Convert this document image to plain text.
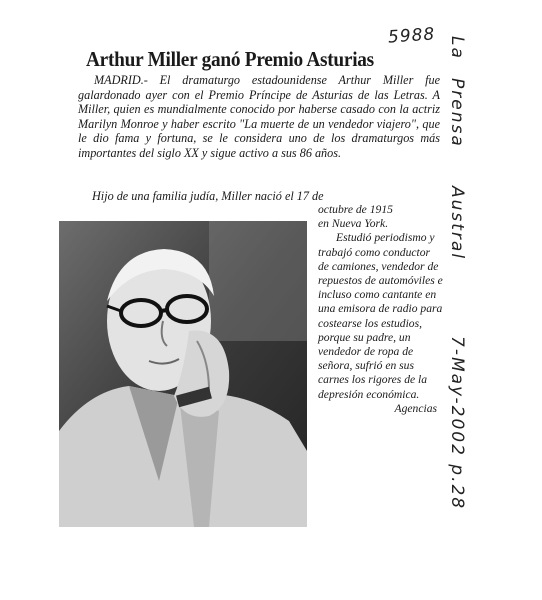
5988 La
Prensa
Austral
7-May-2002 p.28
Arthur Miller ganó Premio Asturias

MADRID.- El dramaturgo estadounidense Arthur Miller fue galardonado ayer con el Premio Príncipe de Asturias de las Letras. A Miller, quien es mundialmente conocido por haberse casado con la actriz Marilyn Monroe y haber escrito "La muerte de un vendedor viajero", que le dio fama y fortuna, se le considera uno de los dramaturgos más importantes del siglo XX y sigue activo a sus 86 años.

Hijo de una familia judía, Miller nació el 17 de

octubre de 1915

en Nueva York.

Estudió periodismo y trabajó como conductor de camiones, vendedor de repuestos de automóviles e incluso como cantante en una emisora de radio para costearse los estudios, porque su padre, un vendedor de ropa de señora, sufrió en sus carnes los rigores de la depresión económica.

Agencias
